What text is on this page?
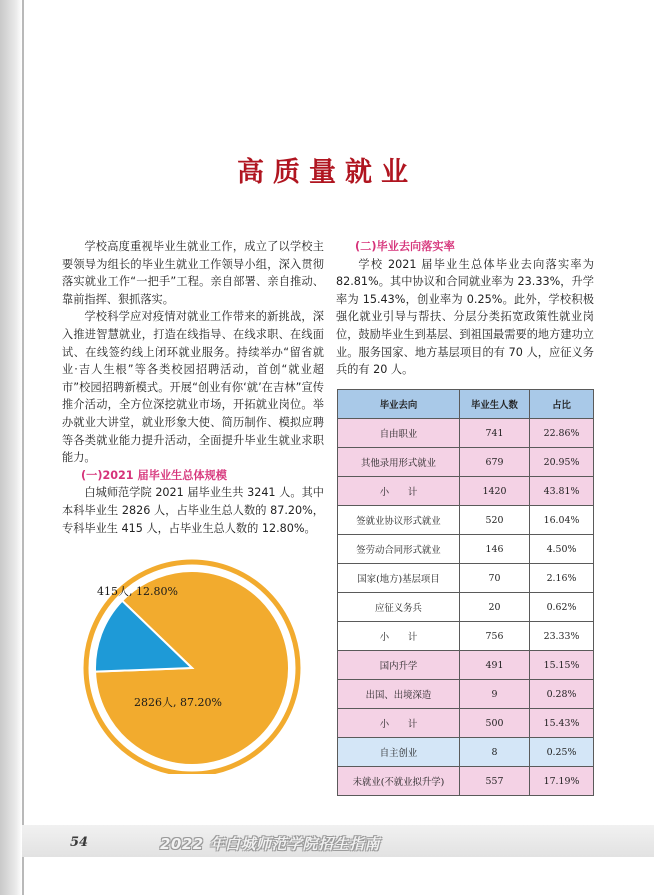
高质量就业

学校高度重视毕业生就业工作，成立了以学校主要领导为组长的毕业生就业工作领导小组，深入贯彻落实就业工作“一把手”工程。亲自部署、亲自推动、靠前指挥、狠抓落实。

学校科学应对疫情对就业工作带来的新挑战，深入推进智慧就业，打造在线指导、在线求职、在线面试、在线签约线上闭环就业服务。持续举办“留省就业·吉人生根”等各类校园招聘活动，首创“就业超市”校园招聘新模式。开展“创业有你‘就’在吉林”宣传推介活动，全方位深挖就业市场，开拓就业岗位。举办就业大讲堂，就业形象大使、简历制作、模拟应聘等各类就业能力提升活动，全面提升毕业生就业求职能力。

(一)2021 届毕业生总体规模

白城师范学院 2021 届毕业生共 3241 人。其中本科毕业生 2826 人，占毕业生总人数的 87.20%，专科毕业生 415 人，占毕业生总人数的 12.80%。

(二)毕业去向落实率

学校 2021 届毕业生总体毕业去向落实率为 82.81%。其中协议和合同就业率为 23.33%，升学率为 15.43%，创业率为 0.25%。此外，学校积极强化就业引导与帮扶、分层分类拓宽政策性就业岗位，鼓励毕业生到基层、到祖国最需要的地方建功立业。服务国家、地方基层项目的有 70 人，应征义务兵的有 20 人。

2826人, 87.20%
415人, 12.80%
毕业去向	毕业生人数	占比
自由职业	741	22.86%
其他录用形式就业	679	20.95%
小　　计	1420	43.81%
签就业协议形式就业	520	16.04%
签劳动合同形式就业	146	4.50%
国家(地方)基层项目	70	2.16%
应征义务兵	20	0.62%
小　　计	756	23.33%
国内升学	491	15.15%
出国、出境深造	9	0.28%
小　　计	500	15.43%
自主创业	8	0.25%
未就业(不就业拟升学)	557	17.19%
54	2022 年白城师范学院招生指南
